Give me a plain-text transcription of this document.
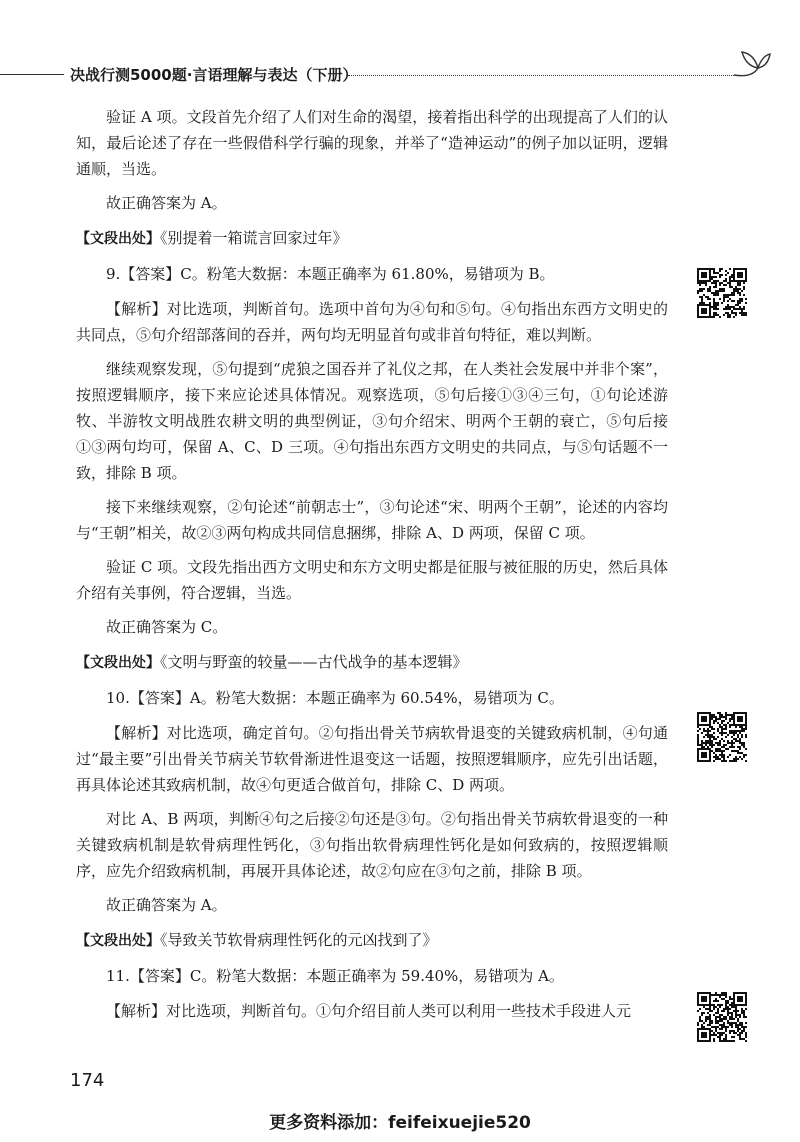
决战行测5000题·言语理解与表达（下册）

验证 A 项。文段首先介绍了人们对生命的渴望，接着指出科学的出现提高了人们的认知，最后论述了存在一些假借科学行骗的现象，并举了“造神运动”的例子加以证明，逻辑通顺，当选。

故正确答案为 A。

【文段出处】《别提着一箱谎言回家过年》

9.【答案】C。粉笔大数据：本题正确率为 61.80%，易错项为 B。

【解析】对比选项，判断首句。选项中首句为④句和⑤句。④句指出东西方文明史的共同点，⑤句介绍部落间的吞并，两句均无明显首句或非首句特征，难以判断。

继续观察发现，⑤句提到“虎狼之国吞并了礼仪之邦，在人类社会发展中并非个案”，按照逻辑顺序，接下来应论述具体情况。观察选项，⑤句后接①③④三句，①句论述游牧、半游牧文明战胜农耕文明的典型例证，③句介绍宋、明两个王朝的衰亡，⑤句后接①③两句均可，保留 A、C、D 三项。④句指出东西方文明史的共同点，与⑤句话题不一致，排除 B 项。

接下来继续观察，②句论述“前朝志士”，③句论述“宋、明两个王朝”，论述的内容均与“王朝”相关，故②③两句构成共同信息捆绑，排除 A、D 两项，保留 C 项。

验证 C 项。文段先指出西方文明史和东方文明史都是征服与被征服的历史，然后具体介绍有关事例，符合逻辑，当选。

故正确答案为 C。

【文段出处】《文明与野蛮的较量——古代战争的基本逻辑》

10.【答案】A。粉笔大数据：本题正确率为 60.54%，易错项为 C。

【解析】对比选项，确定首句。②句指出骨关节病软骨退变的关键致病机制，④句通过“最主要”引出骨关节病关节软骨渐进性退变这一话题，按照逻辑顺序，应先引出话题，再具体论述其致病机制，故④句更适合做首句，排除 C、D 两项。

对比 A、B 两项，判断④句之后接②句还是③句。②句指出骨关节病软骨退变的一种关键致病机制是软骨病理性钙化，③句指出软骨病理性钙化是如何致病的，按照逻辑顺序，应先介绍致病机制，再展开具体论述，故②句应在③句之前，排除 B 项。

故正确答案为 A。

【文段出处】《导致关节软骨病理性钙化的元凶找到了》

11.【答案】C。粉笔大数据：本题正确率为 59.40%，易错项为 A。

【解析】对比选项，判断首句。①句介绍目前人类可以利用一些技术手段进人元

174
更多资料添加：feifeixuejie520
